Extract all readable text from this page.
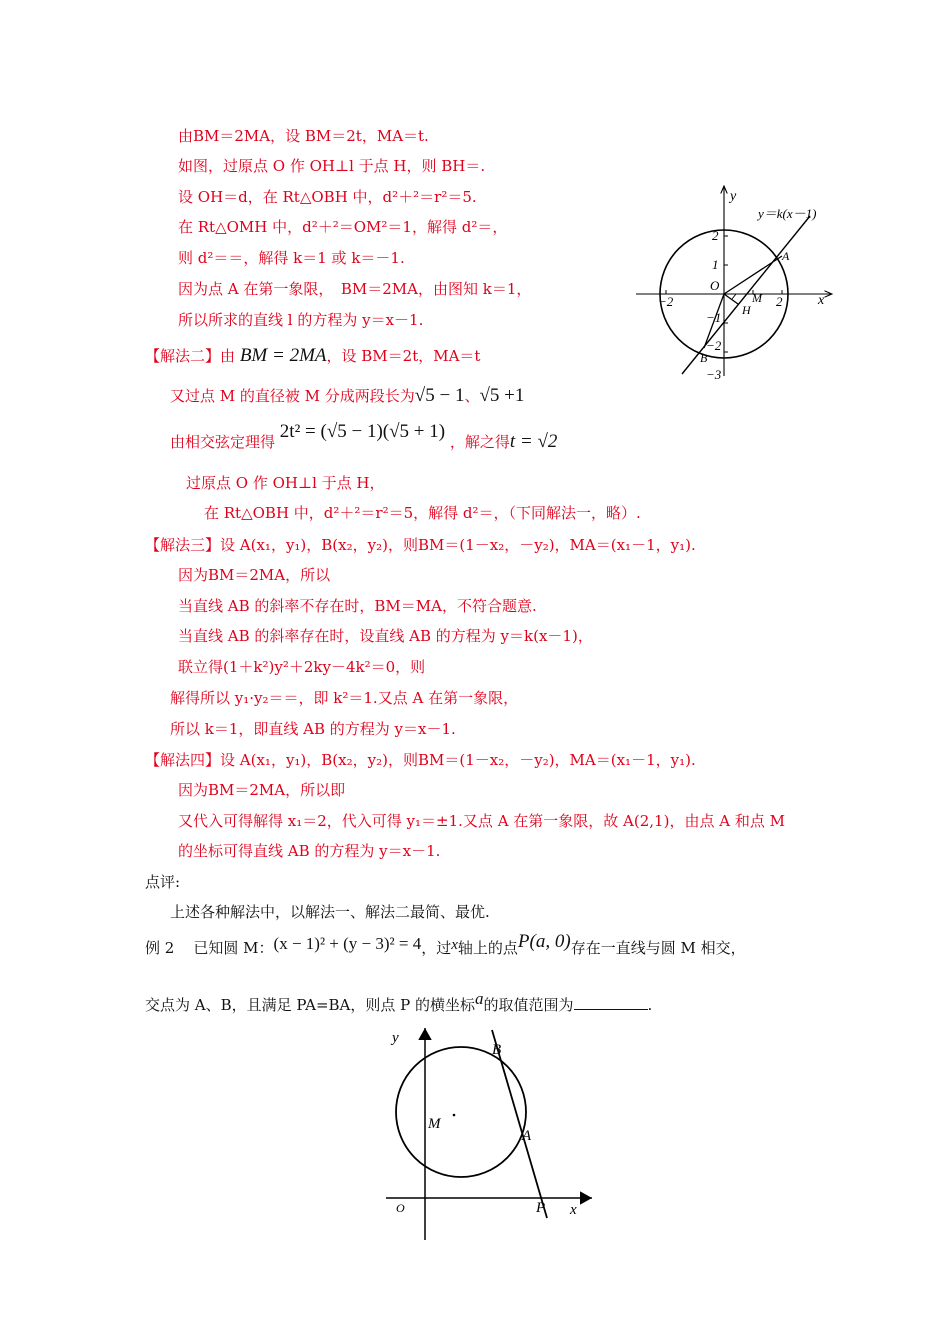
由BM＝2MA，设 BM＝2t，MA＝t.
如图，过原点 O 作 OH⊥l 于点 H，则 BH＝.
设 OH＝d，在 Rt△OBH 中，d²＋²＝r²＝5.
在 Rt△OMH 中，d²＋²＝OM²＝1，解得 d²＝，
则 d²＝＝，解得 k＝1 或 k＝－1.
因为点 A 在第一象限，　BM＝2MA，由图知 k＝1，
所以所求的直线 l 的方程为 y＝x－1.
【解法二】由 BM = 2MA，设 BM＝2t，MA＝t
又过点 M 的直径被 M 分成两段长为√5 − 1、√5 +1
由相交弦定理得 2t² = (√5 − 1)(√5 + 1) ，解之得t = √2
过原点 O 作 OH⊥l 于点 H，
在 Rt△OBH 中，d²＋²＝r²＝5，解得 d²＝，（下同解法一，略）.
【解法三】设 A(x₁，y₁)，B(x₂，y₂)，则BM＝(1－x₂，－y₂)，MA＝(x₁－1，y₁).
因为BM＝2MA，所以
当直线 AB 的斜率不存在时，BM＝MA，不符合题意.
当直线 AB 的斜率存在时，设直线 AB 的方程为 y＝k(x－1)，
联立得(1＋k²)y²＋2ky－4k²＝0，则
解得所以 y₁·y₂＝＝，即 k²＝1.又点 A 在第一象限，
所以 k＝1，即直线 AB 的方程为 y＝x－1.
【解法四】设 A(x₁，y₁)，B(x₂，y₂)，则BM＝(1－x₂，－y₂)，MA＝(x₁－1，y₁).
因为BM＝2MA，所以即
又代入可得解得 x₁＝2，代入可得 y₁＝±1.又点 A 在第一象限，故 A(2,1)，由点 A 和点 M
的坐标可得直线 AB 的方程为 y＝x－1.
点评:
上述各种解法中，以解法一、解法二最简、最优.
例 2 已知圆 M：(x − 1)² + (y − 3)² = 4，过x轴上的点P(a, 0)存在一直线与圆 M 相交，
交点为 A、B，且满足 PA=BA，则点 P 的横坐标a的取值范围为	.
y
x
O
y＝k(x－1)
−2	2
2
1
−1
−2
−3
A
B
M
H
y
x
O
M
B
A
P
